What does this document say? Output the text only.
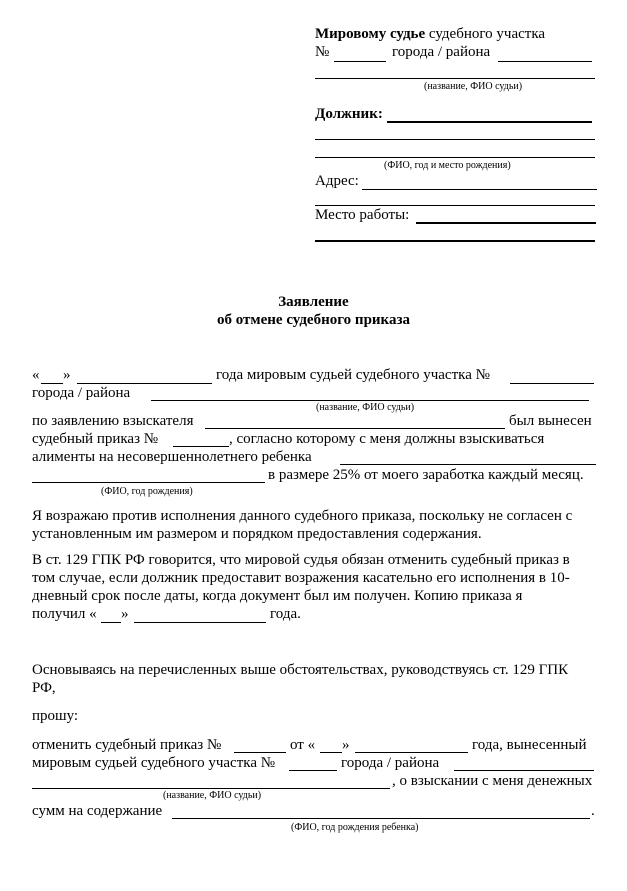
Мировому судье судебного участка
№	города / района
(название, ФИО судьи)
Должник:
(ФИО, год и место рождения)
Адрес:
Место работы:
Заявление
об отмене судебного приказа
« »	года мировым судьей судебного участка №
города / района
(название, ФИО судьи)
по заявлению взыскателя	был вынесен
судебный приказ №	, согласно которому с меня должны взыскиваться
алименты на несовершеннолетнего ребенка
в размере 25% от моего заработка каждый месяц.
(ФИО, год рождения)
Я возражаю против исполнения данного судебного приказа, поскольку не согласен с
установленным им размером и порядком предоставления содержания.
В ст. 129 ГПК РФ говорится, что мировой судья обязан отменить судебный приказ в
том случае, если должник предоставит возражения касательно его исполнения в 10-
дневный срок после даты, когда документ был им получен. Копию приказа я
получил « »	года.
Основываясь на перечисленных выше обстоятельствах, руководствуясь ст. 129 ГПК
РФ,
прошу:
отменить судебный приказ №	от « »	года, вынесенный
мировым судьей судебного участка №	города / района
, о взыскании с меня денежных
(название, ФИО судьи)
сумм на содержание	.
(ФИО, год рождения ребенка)
